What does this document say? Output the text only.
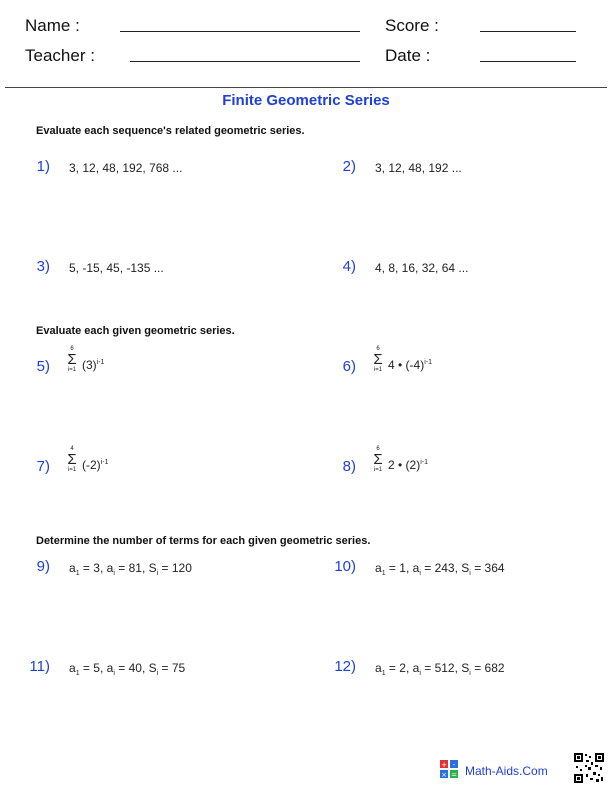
Name :	Score :
Teacher :	Date :
Finite Geometric Series
Evaluate each sequence's related geometric series.
1) 3, 12, 48, 192, 768 ...	2) 3, 12, 48, 192 ...
3) 5, -15, 45, -135 ...	4) 4, 8, 16, 32, 64 ...
Evaluate each given geometric series.
5)
6
Σ
i=1 $(3)^{i-1}$	6)
6
Σ
i=1 4 • $(-4)^{i-1}$
7)
4
Σ
i=1 $(-2)^{i-1}$	8)
6
Σ
i=1 2 • $(2)^{i-1}$
Determine the number of terms for each given geometric series.
9) $a_1 = 3$, $a_i = 81$, $S_i = 120$	10) $a_1 = 1$, $a_i = 243$, $S_i = 364$
11) $a_1 = 5$, $a_i = 40$, $S_i = 75$	12) $a_1 = 2$, $a_i = 512$, $S_i = 682$
+ -
× = Math-Aids.Com
